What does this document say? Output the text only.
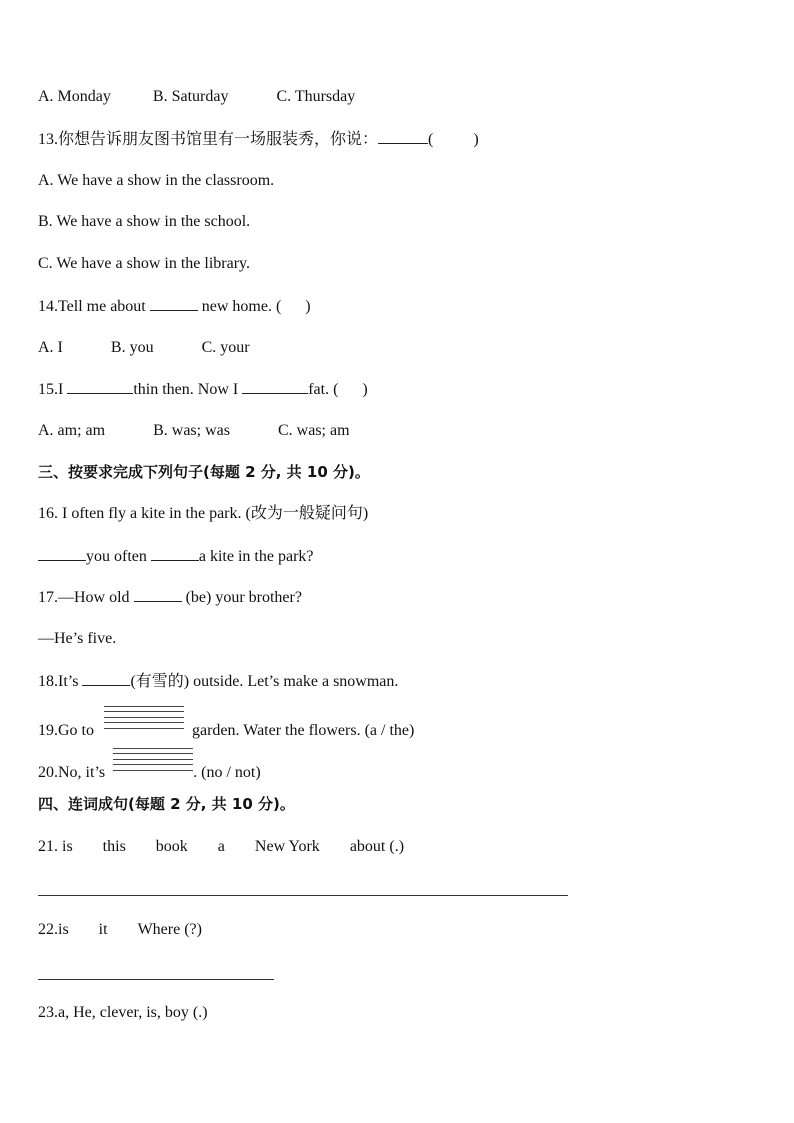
A. Monday	B. Saturday	C. Thursday
13.你想告诉朋友图书馆里有一场服装秀，你说：	(          )
A. We have a show in the classroom.
B. We have a show in the school.
C. We have a show in the library.
14.Tell me about	new home. (      )
A. I	B. you	C. your
15.I	thin then. Now I	fat. (      )
A. am; am	B. was; was	C. was; am
三、按要求完成下列句子(每题 2 分, 共 10 分)。
16. I often fly a kite in the park. (改为一般疑问句)
you often	a kite in the park?
17.—How old	(be) your brother?
—He’s five.
18.It’s	(有雪的) outside. Let’s make a snowman.
19.Go to	garden. Water the flowers. (a / the)
20.No, it’s	. (no / not)
四、连词成句(每题 2 分, 共 10 分)。
21. is this book a New York about (.)
22.is it Where (?)
23.a, He, clever, is, boy (.)
